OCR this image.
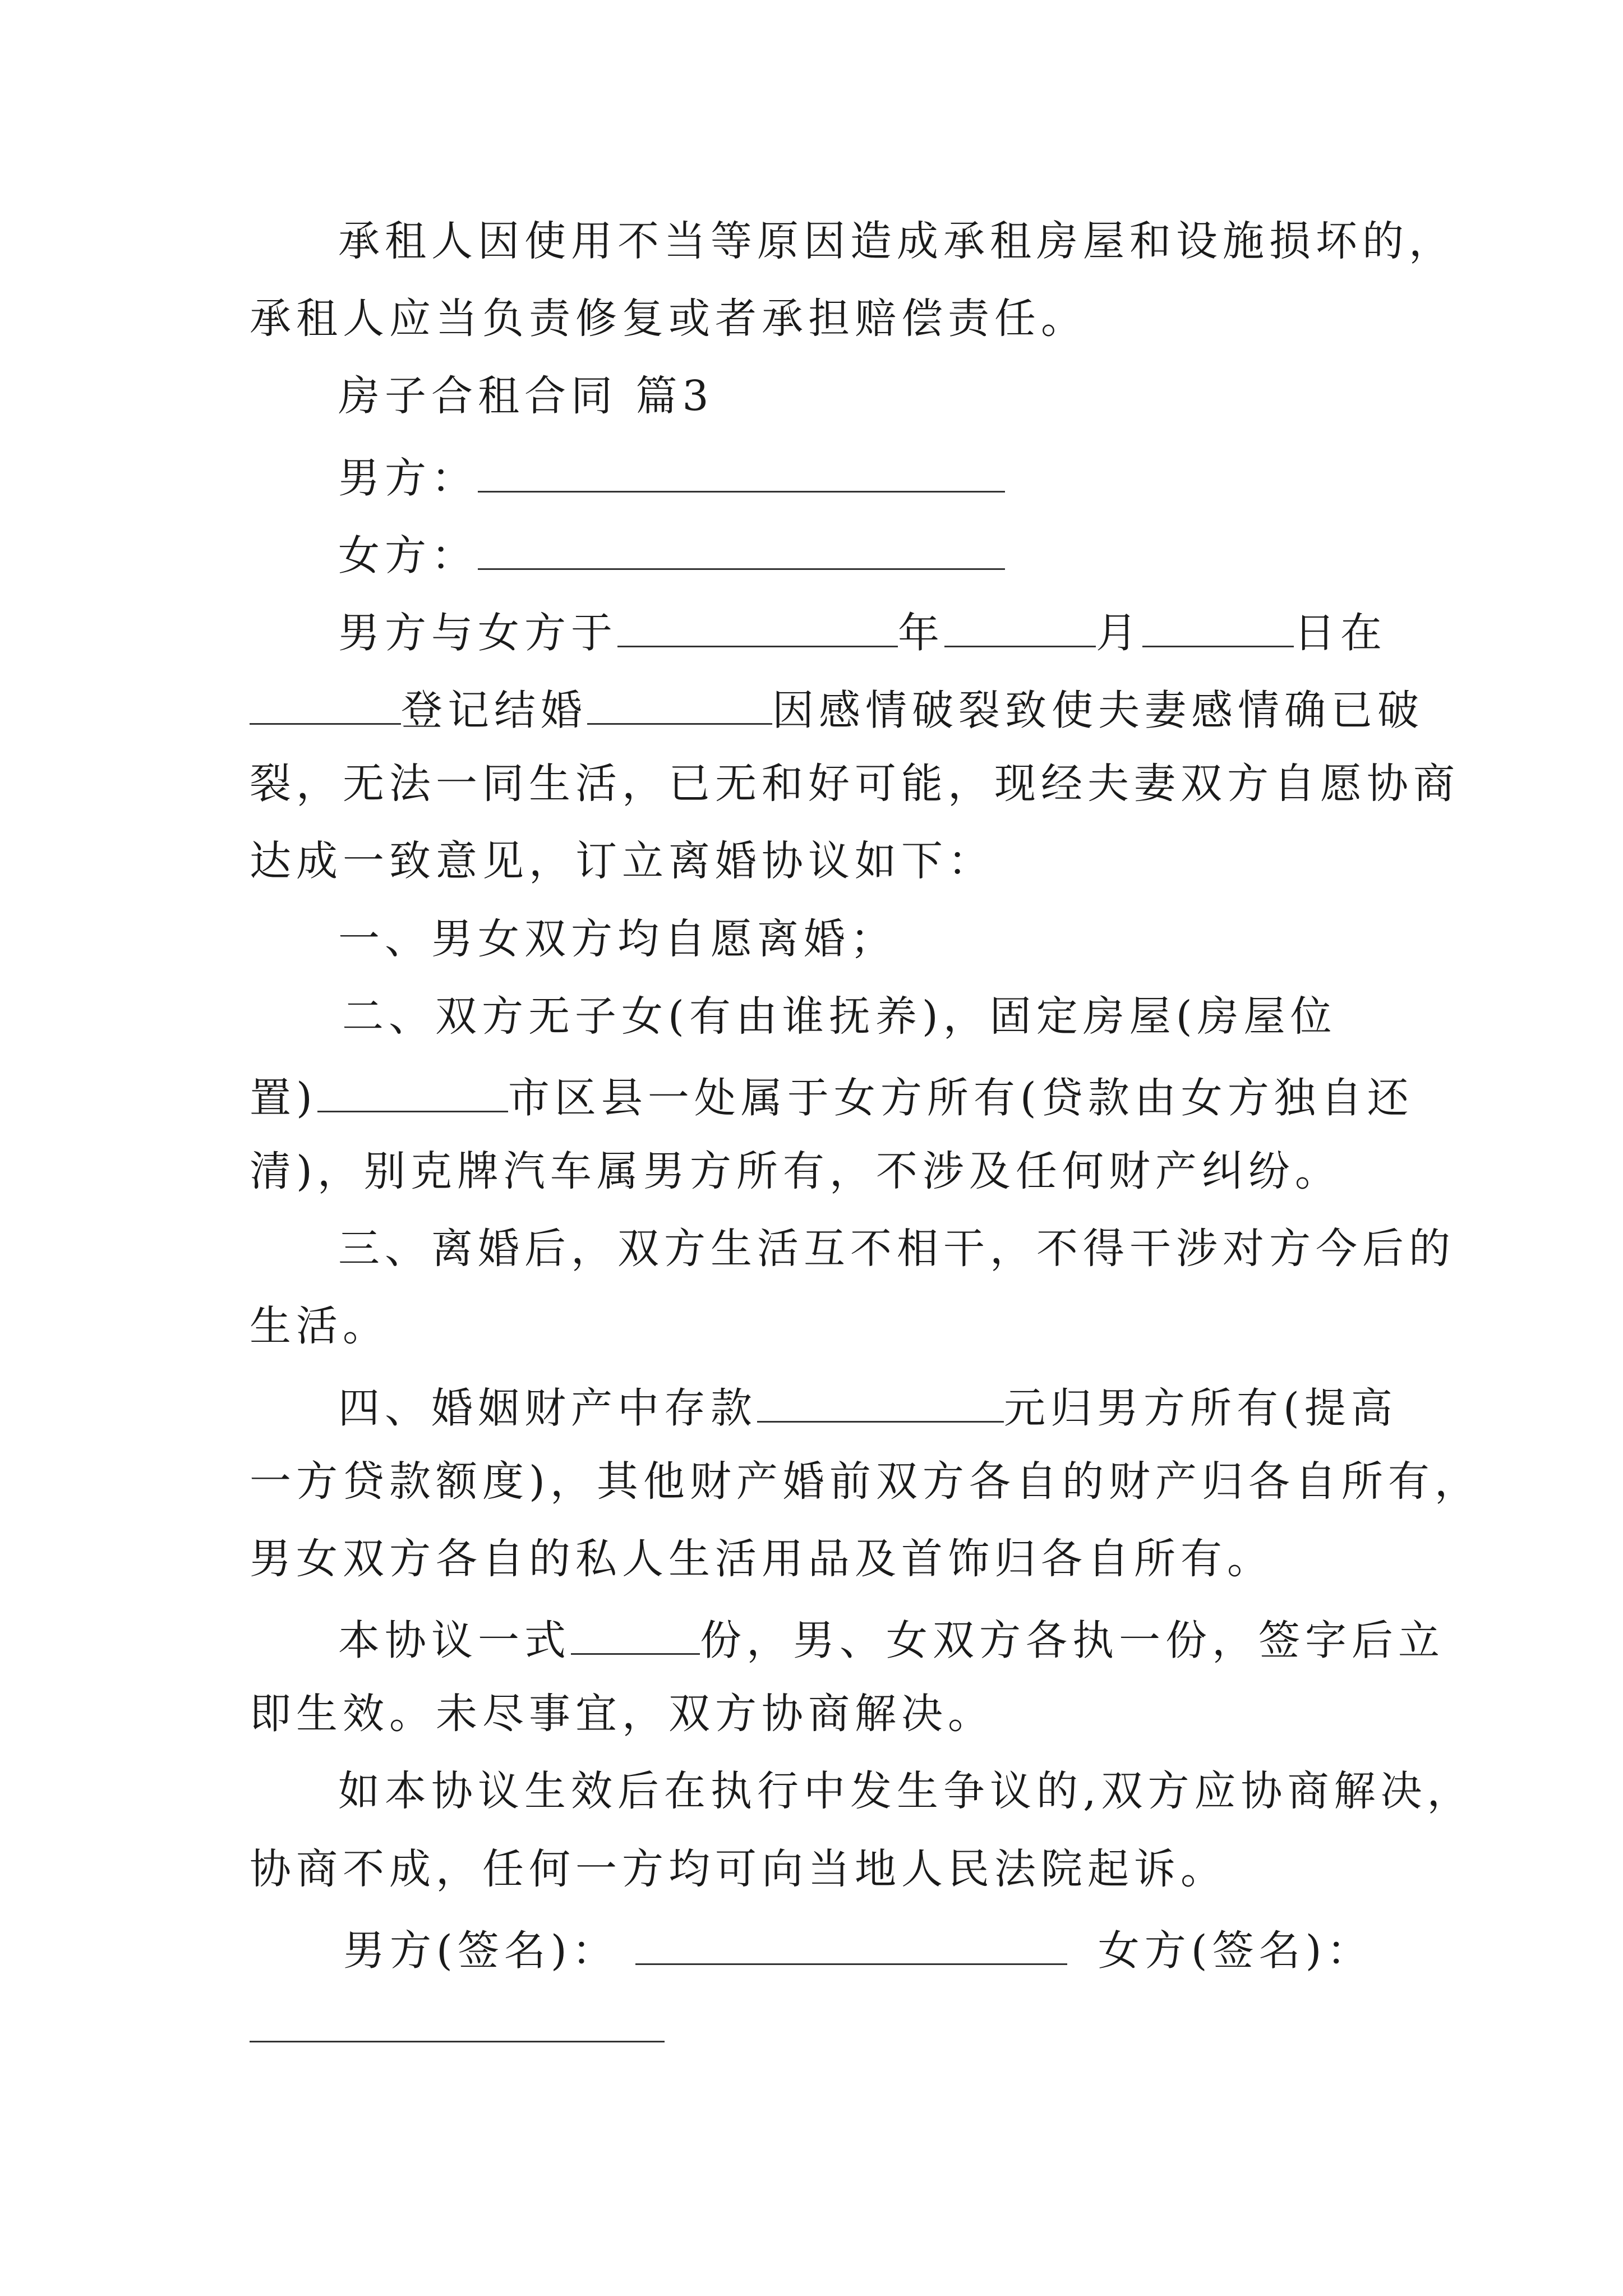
承租人因使用不当等原因造成承租房屋和设施损坏的，
承租人应当负责修复或者承担赔偿责任。
房子合租合同 篇3
男方：
女方：
男方与女方于	年	月	日在
登记结婚	因感情破裂致使夫妻感情确已破
裂，无法一同生活，已无和好可能，现经夫妻双方自愿协商
达成一致意见，订立离婚协议如下：
一、男女双方均自愿离婚；
二、双方无子女(有由谁抚养)，固定房屋(房屋位
置)	市区县一处属于女方所有(贷款由女方独自还
清)，别克牌汽车属男方所有，不涉及任何财产纠纷。
三、离婚后，双方生活互不相干，不得干涉对方今后的
生活。
四、婚姻财产中存款	元归男方所有(提高
一方贷款额度)，其他财产婚前双方各自的财产归各自所有，
男女双方各自的私人生活用品及首饰归各自所有。
本协议一式	份，男、女双方各执一份，签字后立
即生效。未尽事宜，双方协商解决。
如本协议生效后在执行中发生争议的,双方应协商解决，
协商不成，任何一方均可向当地人民法院起诉。
男方(签名)：	女方(签名)：
